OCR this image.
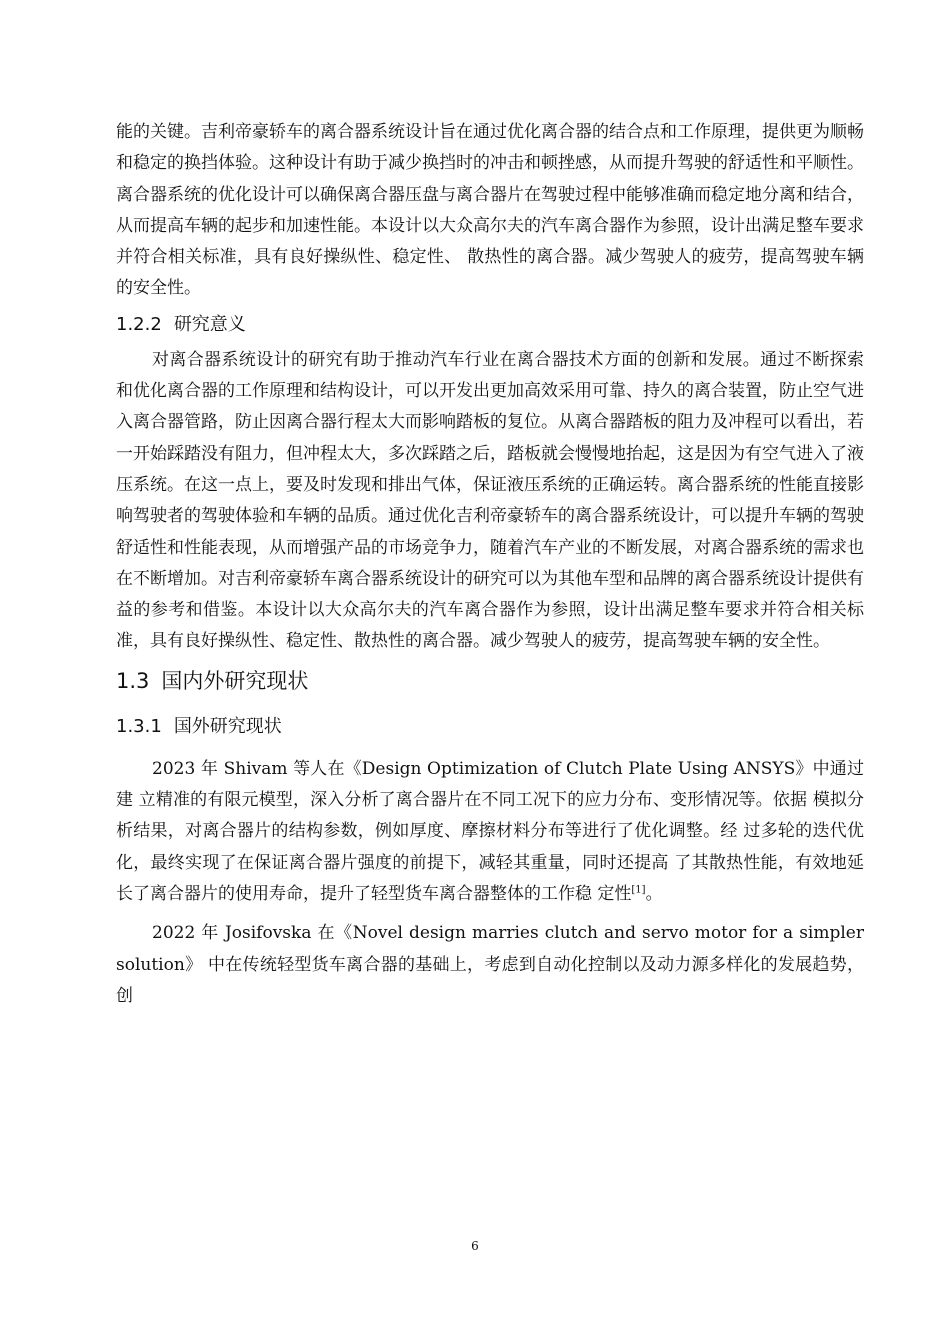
能的关键。吉利帝豪轿车的离合器系统设计旨在通过优化离合器的结合点和工作原理，提供更为顺畅和稳定的换挡体验。这种设计有助于减少换挡时的冲击和顿挫感，从而提升驾驶的舒适性和平顺性。离合器系统的优化设计可以确保离合器压盘与离合器片在驾驶过程中能够准确而稳定地分离和结合，从而提高车辆的起步和加速性能。本设计以大众高尔夫的汽车离合器作为参照，设计出满足整车要求并符合相关标准，具有良好操纵性、稳定性、 散热性的离合器。减少驾驶人的疲劳，提高驾驶车辆的安全性。

1.2.2 研究意义

对离合器系统设计的研究有助于推动汽车行业在离合器技术方面的创新和发展。通过不断探索和优化离合器的工作原理和结构设计，可以开发出更加高效采用可靠、持久的离合装置，防止空气进入离合器管路，防止因离合器行程太大而影响踏板的复位。从离合器踏板的阻力及冲程可以看出，若一开始踩踏没有阻力，但冲程太大，多次踩踏之后，踏板就会慢慢地抬起，这是因为有空气进入了液压系统。在这一点上，要及时发现和排出气体，保证液压系统的正确运转。离合器系统的性能直接影响驾驶者的驾驶体验和车辆的品质。通过优化吉利帝豪轿车的离合器系统设计，可以提升车辆的驾驶舒适性和性能表现，从而增强产品的市场竞争力，随着汽车产业的不断发展，对离合器系统的需求也在不断增加。对吉利帝豪轿车离合器系统设计的研究可以为其他车型和品牌的离合器系统设计提供有益的参考和借鉴。本设计以大众高尔夫的汽车离合器作为参照，设计出满足整车要求并符合相关标准，具有良好操纵性、稳定性、散热性的离合器。减少驾驶人的疲劳，提高驾驶车辆的安全性。

1.3 国内外研究现状
1.3.1 国外研究现状

2023 年 Shivam 等人在《Design Optimization of Clutch Plate Using ANSYS》中通过建 立精准的有限元模型，深入分析了离合器片在不同工况下的应力分布、变形情况等。依据 模拟分析结果，对离合器片的结构参数，例如厚度、摩擦材料分布等进行了优化调整。经 过多轮的迭代优化，最终实现了在保证离合器片强度的前提下，减轻其重量，同时还提高 了其散热性能，有效地延长了离合器片的使用寿命，提升了轻型货车离合器整体的工作稳 定性[1]。

2022 年 Josifovska 在《Novel design marries clutch and servo motor for a simpler solution》 中在传统轻型货车离合器的基础上，考虑到自动化控制以及动力源多样化的发展趋势，创

6
